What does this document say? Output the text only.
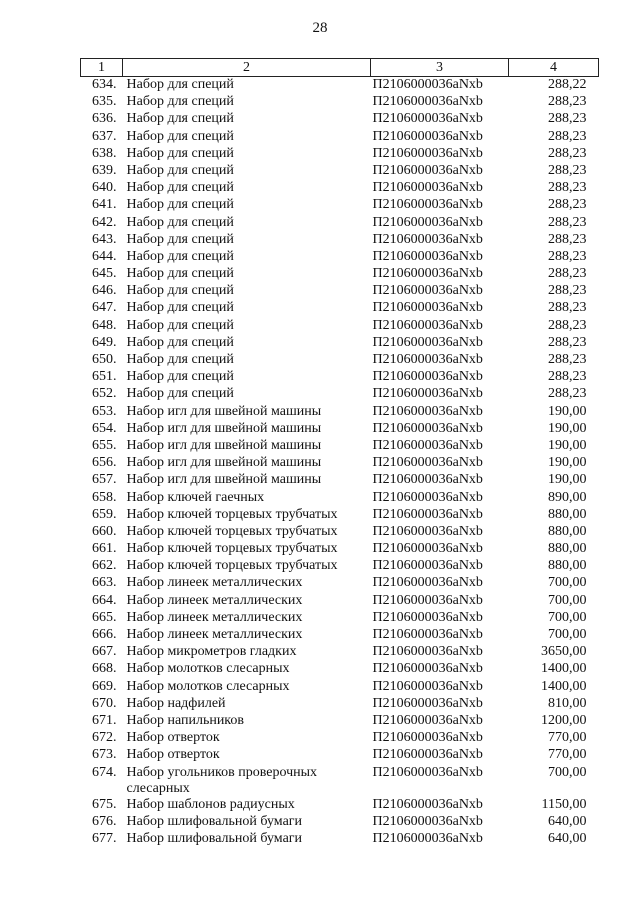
28
1	2	3	4
634.	Набор для специй	П2106000036aNxb	288,22
635.	Набор для специй	П2106000036aNxb	288,23
636.	Набор для специй	П2106000036aNxb	288,23
637.	Набор для специй	П2106000036aNxb	288,23
638.	Набор для специй	П2106000036aNxb	288,23
639.	Набор для специй	П2106000036aNxb	288,23
640.	Набор для специй	П2106000036aNxb	288,23
641.	Набор для специй	П2106000036aNxb	288,23
642.	Набор для специй	П2106000036aNxb	288,23
643.	Набор для специй	П2106000036aNxb	288,23
644.	Набор для специй	П2106000036aNxb	288,23
645.	Набор для специй	П2106000036aNxb	288,23
646.	Набор для специй	П2106000036aNxb	288,23
647.	Набор для специй	П2106000036aNxb	288,23
648.	Набор для специй	П2106000036aNxb	288,23
649.	Набор для специй	П2106000036aNxb	288,23
650.	Набор для специй	П2106000036aNxb	288,23
651.	Набор для специй	П2106000036aNxb	288,23
652.	Набор для специй	П2106000036aNxb	288,23
653.	Набор игл для швейной машины	П2106000036aNxb	190,00
654.	Набор игл для швейной машины	П2106000036aNxb	190,00
655.	Набор игл для швейной машины	П2106000036aNxb	190,00
656.	Набор игл для швейной машины	П2106000036aNxb	190,00
657.	Набор игл для швейной машины	П2106000036aNxb	190,00
658.	Набор ключей гаечных	П2106000036aNxb	890,00
659.	Набор ключей торцевых трубчатых	П2106000036aNxb	880,00
660.	Набор ключей торцевых трубчатых	П2106000036aNxb	880,00
661.	Набор ключей торцевых трубчатых	П2106000036aNxb	880,00
662.	Набор ключей торцевых трубчатых	П2106000036aNxb	880,00
663.	Набор линеек металлических	П2106000036aNxb	700,00
664.	Набор линеек металлических	П2106000036aNxb	700,00
665.	Набор линеек металлических	П2106000036aNxb	700,00
666.	Набор линеек металлических	П2106000036aNxb	700,00
667.	Набор микрометров гладких	П2106000036aNxb	3650,00
668.	Набор молотков слесарных	П2106000036aNxb	1400,00
669.	Набор молотков слесарных	П2106000036aNxb	1400,00
670.	Набор надфилей	П2106000036aNxb	810,00
671.	Набор напильников	П2106000036aNxb	1200,00
672.	Набор отверток	П2106000036aNxb	770,00
673.	Набор отверток	П2106000036aNxb	770,00
674.	Набор угольников проверочных слесарных	П2106000036aNxb	700,00
675.	Набор шаблонов радиусных	П2106000036aNxb	1150,00
676.	Набор шлифовальной бумаги	П2106000036aNxb	640,00
677.	Набор шлифовальной бумаги	П2106000036aNxb	640,00
